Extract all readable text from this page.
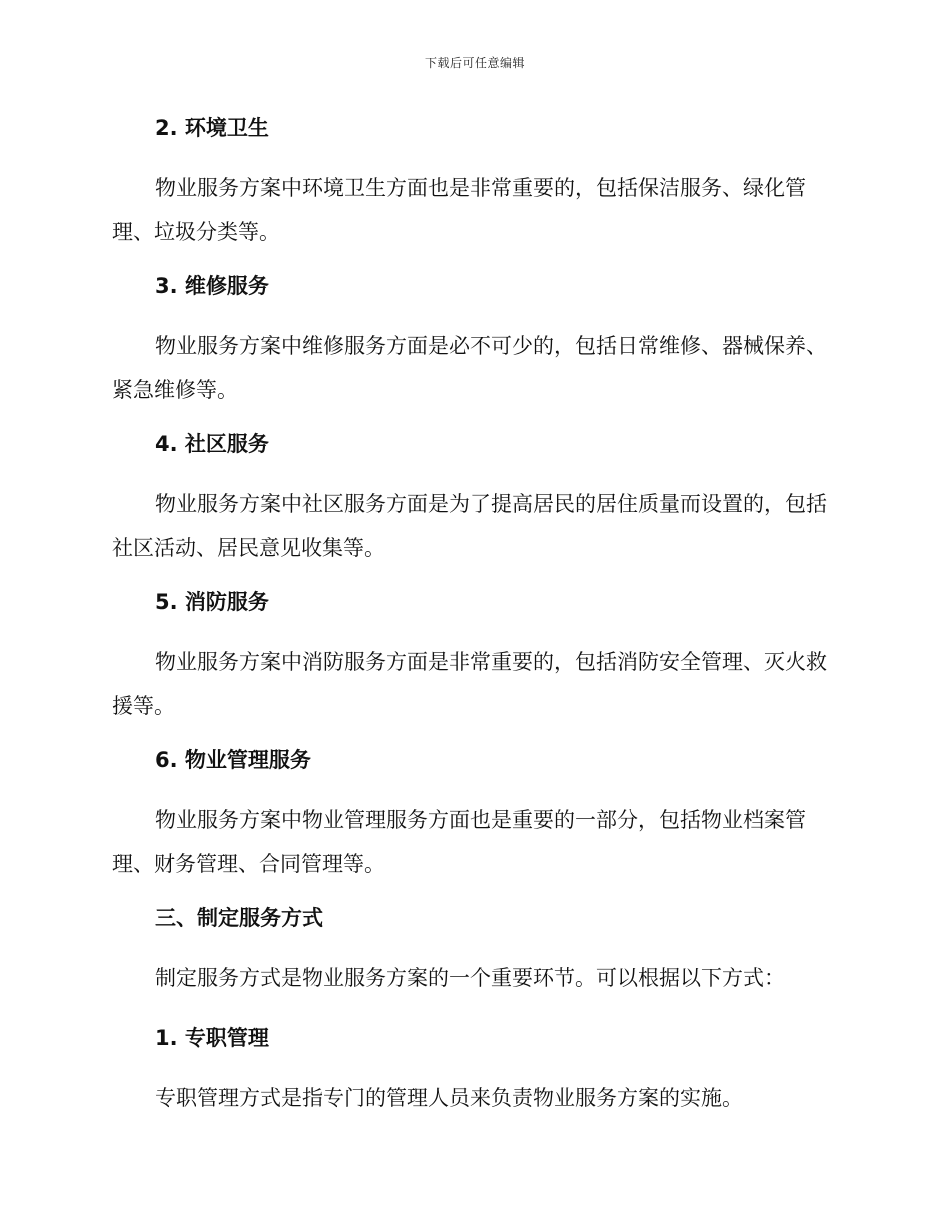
下载后可任意编辑
2. 环境卫生
物业服务方案中环境卫生方面也是非常重要的，包括保洁服务、绿化管理、垃圾分类等。
3. 维修服务
物业服务方案中维修服务方面是必不可少的，包括日常维修、器械保养、紧急维修等。
4. 社区服务
物业服务方案中社区服务方面是为了提高居民的居住质量而设置的，包括社区活动、居民意见收集等。
5. 消防服务
物业服务方案中消防服务方面是非常重要的，包括消防安全管理、灭火救援等。
6. 物业管理服务
物业服务方案中物业管理服务方面也是重要的一部分，包括物业档案管理、财务管理、合同管理等。
三、制定服务方式
制定服务方式是物业服务方案的一个重要环节。可以根据以下方式：
1. 专职管理
专职管理方式是指专门的管理人员来负责物业服务方案的实施。
